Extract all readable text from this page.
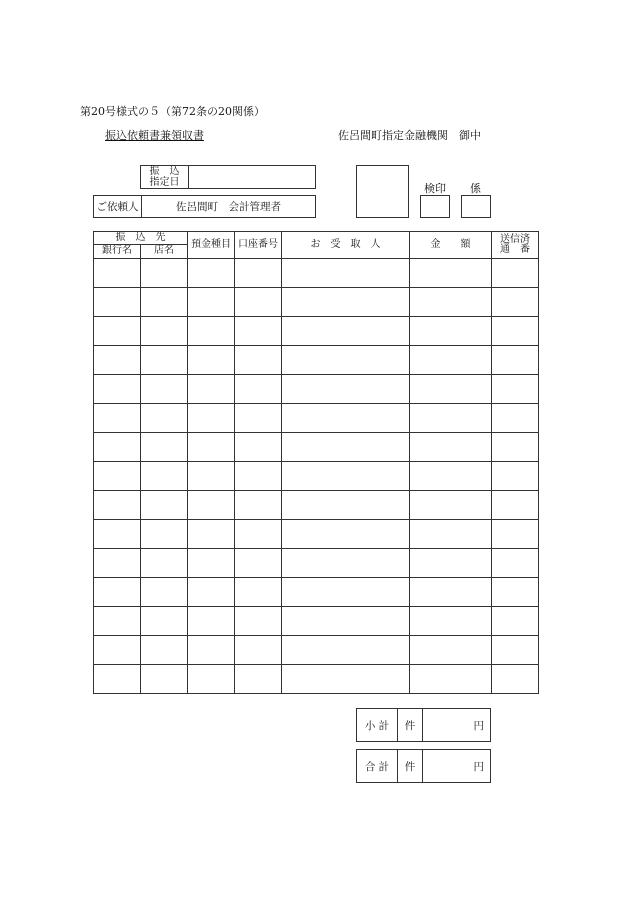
第20号様式の５（第72条の20関係）
振込依頼書兼領収書	佐呂間町指定金融機関　御中
振　込
指定日
ご依頼人	佐呂間町　会計管理者
検印 係
振　込　先		預金種目	口座番号	お　受　取　人	金　　額	送信済
通　番

銀行名	店名					

小 計	件	円
合 計	件	円
